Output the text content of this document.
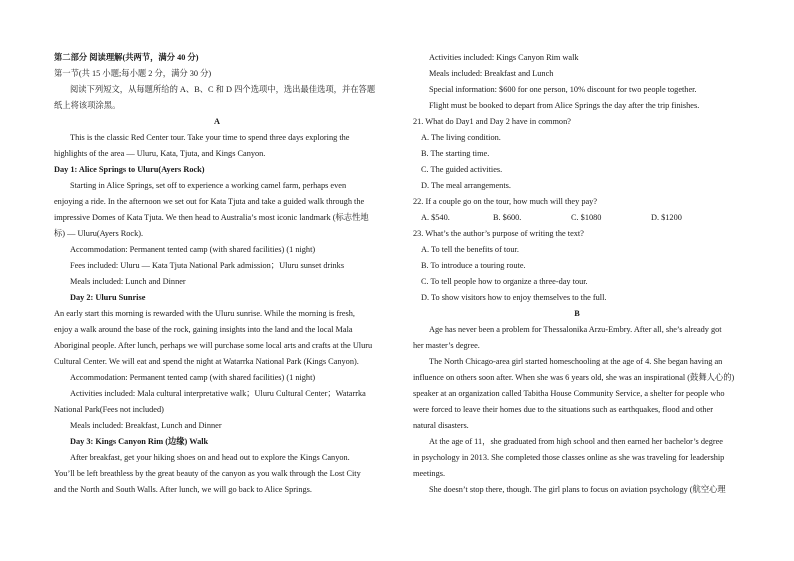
第二部分 阅读理解(共两节，满分 40 分)
第一节(共 15 小题;每小题 2 分，满分 30 分)
阅读下列短文，从每题所给的 A、B、C 和 D 四个选项中，选出最佳选项，并在答题
纸上将该项涂黑。
A
This is the classic Red Center tour. Take your time to spend three days exploring the
highlights of the area — Uluru, Kata, Tjuta, and Kings Canyon.
Day 1: Alice Springs to Uluru(Ayers Rock)
Starting in Alice Springs, set off to experience a working camel farm, perhaps even
enjoying a ride. In the afternoon we set out for Kata Tjuta and take a guided walk through the
impressive Domes of Kata Tjuta. We then head to Australia’s most iconic landmark (标志性地
标) — Uluru(Ayers Rock).
Accommodation: Permanent tented camp (with shared facilities) (1 night)
Fees included: Uluru — Kata Tjuta National Park admission；Uluru sunset drinks
Meals included: Lunch and Dinner
Day 2: Uluru Sunrise
An early start this morning is rewarded with the Uluru sunrise. While the morning is fresh,
enjoy a walk around the base of the rock, gaining insights into the land and the local Mala
Aboriginal people. After lunch, perhaps we will purchase some local arts and crafts at the Uluru
Cultural Center. We will eat and spend the night at Watarrka National Park (Kings Canyon).
Accommodation: Permanent tented camp (with shared facilities) (1 night)
Activities included: Mala cultural interpretative walk；Uluru Cultural Center；Watarrka
National Park(Fees not included)
Meals included: Breakfast, Lunch and Dinner
Day 3: Kings Canyon Rim (边缘) Walk
After breakfast, get your hiking shoes on and head out to explore the Kings Canyon.
You’ll be left breathless by the great beauty of the canyon as you walk through the Lost City
and the North and South Walls. After lunch, we will go back to Alice Springs.
Activities included: Kings Canyon Rim walk
Meals included: Breakfast and Lunch
Special information: $600 for one person, 10% discount for two people together.
Flight must be booked to depart from Alice Springs the day after the trip finishes.
21. What do Day1 and Day 2 have in common?
A. The living condition.
B. The starting time.
C. The guided activities.
D. The meal arrangements.
22. If a couple go on the tour, how much will they pay?
A. $540.	B. $600.	C. $1080	D. $1200
23. What’s the author’s purpose of writing the text?
A. To tell the benefits of tour.
B. To introduce a touring route.
C. To tell people how to organize a three-day tour.
D. To show visitors how to enjoy themselves to the full.
B
Age has never been a problem for Thessalonika Arzu-Embry. After all, she’s already got
her master’s degree.
The North Chicago-area girl started homeschooling at the age of 4. She began having an
influence on others soon after. When she was 6 years old, she was an inspirational (鼓舞人心的)
speaker at an organization called Tabitha House Community Service, a shelter for people who
were forced to leave their homes due to the situations such as earthquakes, flood and other
natural disasters.
At the age of 11，she graduated from high school and then earned her bachelor’s degree
in psychology in 2013. She completed those classes online as she was traveling for leadership
meetings.
She doesn’t stop there, though. The girl plans to focus on aviation psychology (航空心理
